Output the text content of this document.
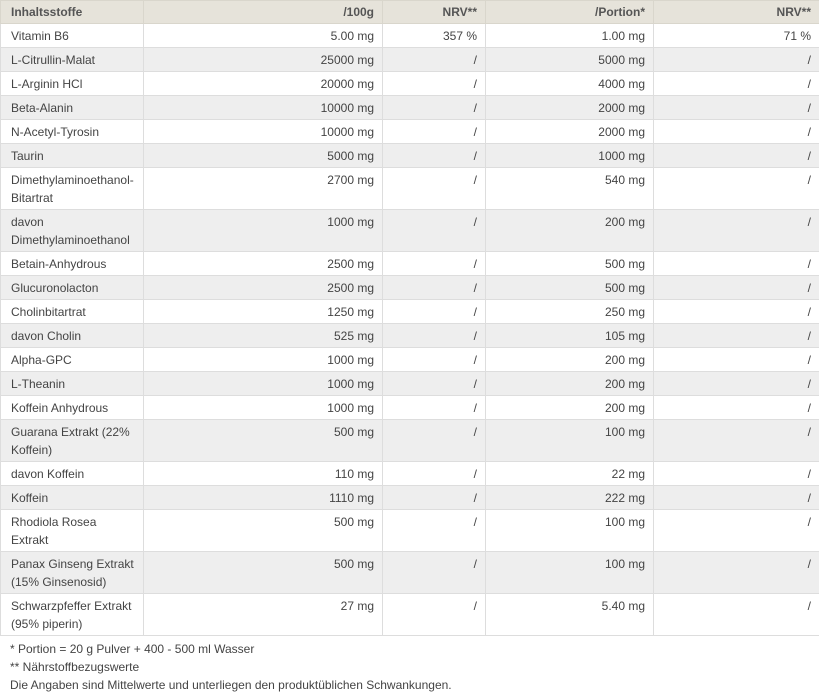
Inhaltsstoffe	/100g	NRV**	/Portion*	NRV**
Vitamin B6	5.00 mg	357 %	1.00 mg	71 %
L-Citrullin-Malat	25000 mg	/	5000 mg	/
L-Arginin HCl	20000 mg	/	4000 mg	/
Beta-Alanin	10000 mg	/	2000 mg	/
N-Acetyl-Tyrosin	10000 mg	/	2000 mg	/
Taurin	5000 mg	/	1000 mg	/
Dimethylaminoethanol-Bitartrat	2700 mg	/	540 mg	/
davon Dimethylaminoethanol	1000 mg	/	200 mg	/
Betain-Anhydrous	2500 mg	/	500 mg	/
Glucuronolacton	2500 mg	/	500 mg	/
Cholinbitartrat	1250 mg	/	250 mg	/
davon Cholin	525 mg	/	105 mg	/
Alpha-GPC	1000 mg	/	200 mg	/
L-Theanin	1000 mg	/	200 mg	/
Koffein Anhydrous	1000 mg	/	200 mg	/
Guarana Extrakt (22% Koffein)	500 mg	/	100 mg	/
davon Koffein	110 mg	/	22 mg	/
Koffein	1110 mg	/	222 mg	/
Rhodiola Rosea Extrakt	500 mg	/	100 mg	/
Panax Ginseng Extrakt (15% Ginsenosid)	500 mg	/	100 mg	/
Schwarzpfeffer Extrakt (95% piperin)	27 mg	/	5.40 mg	/
* Portion = 20 g Pulver + 400 - 500 ml Wasser
** Nährstoffbezugswerte
Die Angaben sind Mittelwerte und unterliegen den produktüblichen Schwankungen.
